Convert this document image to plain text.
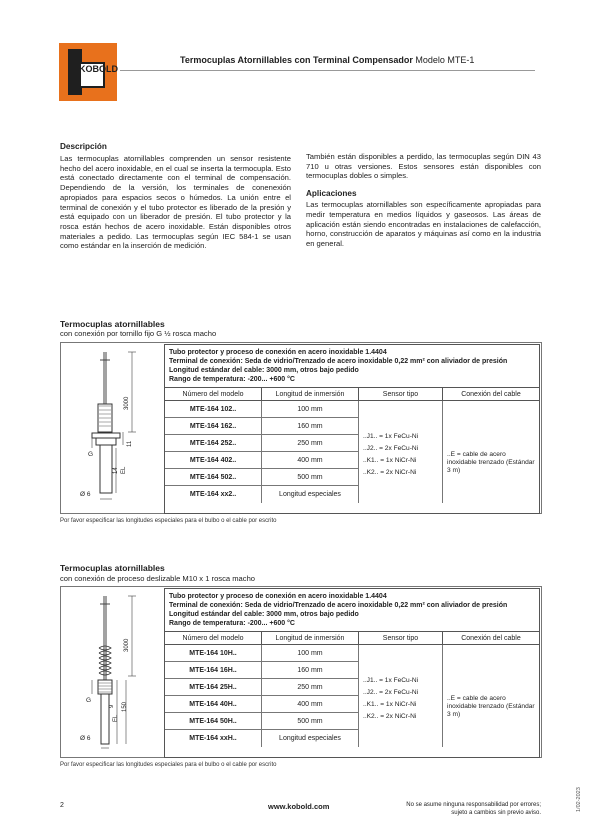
KOBOLD
Termocuplas Atornillables con Terminal Compensador Modelo MTE-1
Descripción
Las termocuplas atornillables comprenden un sensor resistente hecho del acero inoxidable, en el cual se inserta la termocupla. Esto está conectado directamente con el terminal de compensación. Dependiendo de la versión, los terminales de conenexión apropiados para espacios secos o húmedos. La unión entre el terminal de conexión y el tubo protector es liberado de la presión y está equipado con un liberador de presión. El tubo protector y la rosca están hechos de acero inoxidable. Están disponibles otros materiales a pedido. Las termocuplas según IEC 584-1 se usan como estándar en la inserción de medición.
También están disponibles a perdido, las termocuplas según DIN 43 710 u otras versiones. Estos sensores están disponibles con termocuplas dobles o simples.
Aplicaciones
Las termocuplas atornillables son específicamente apropiadas para medir temperatura en medios líquidos y gaseosos. Las áreas de aplicación están siendo encontradas en instalaciones de calefacción, horno, construcción de aparatos y máquinas así como en la industria en general.
Termocuplas atornillables
con conexión por tornillo fijo G ½ rosca macho
3000
11
EL
14
G
Ø 6
Tubo protector y proceso de conexión en acero inoxidable 1.4404
Terminal de conexión: Seda de vidrio/Trenzado de acero inoxidable 0,22 mm² con aliviador de presión
Longitud estándar del cable: 3000 mm, otros bajo pedido
Rango de temperatura: -200... +600 °C
Número del modelo	Longitud de inmersión	Sensor tipo	Conexión del cable
MTE-164 102..	100 mm
MTE-164 162..	160 mm
MTE-164 252..	250 mm
MTE-164 402..	400 mm
MTE-164 502..	500 mm
MTE-164 xx2..	Longitud especiales
..J1.. = 1x FeCu-Ni
..J2.. = 2x FeCu-Ni
..K1.. = 1x NiCr-Ni
..K2.. = 2x NiCr-Ni
..E = cable de acero inoxidable trenzado (Estándar 3 m)
Por favor especificar las longitudes especiales para el bulbo o el cable por escrito
Termocuplas atornillables
con conexión de proceso deslizable M10 x 1 rosca macho
3000
9 150
EL
G
Ø 6
Tubo protector y proceso de conexión en acero inoxidable 1.4404
Terminal de conexión: Seda de vidrio/Trenzado de acero inoxidable 0,22 mm² con aliviador de presión
Longitud estándar del cable: 3000 mm, otros bajo pedido
Rango de temperatura: -200... +600 °C
Número del modelo	Longitud de inmersión	Sensor tipo	Conexión del cable
MTE-164 10H..	100 mm
MTE-164 16H..	160 mm
MTE-164 25H..	250 mm
MTE-164 40H..	400 mm
MTE-164 50H..	500 mm
MTE-164 xxH..	Longitud especiales
..J1.. = 1x FeCu-Ni
..J2.. = 2x FeCu-Ni
..K1.. = 1x NiCr-Ni
..K2.. = 2x NiCr-Ni
..E = cable de acero inoxidable trenzado (Estándar 3 m)
Por favor especificar las longitudes especiales para el bulbo o el cable por escrito
2	www.kobold.com	No se asume ninguna responsabilidad por errores;
sujeto a cambios sin previo aviso.
1/02-2023
